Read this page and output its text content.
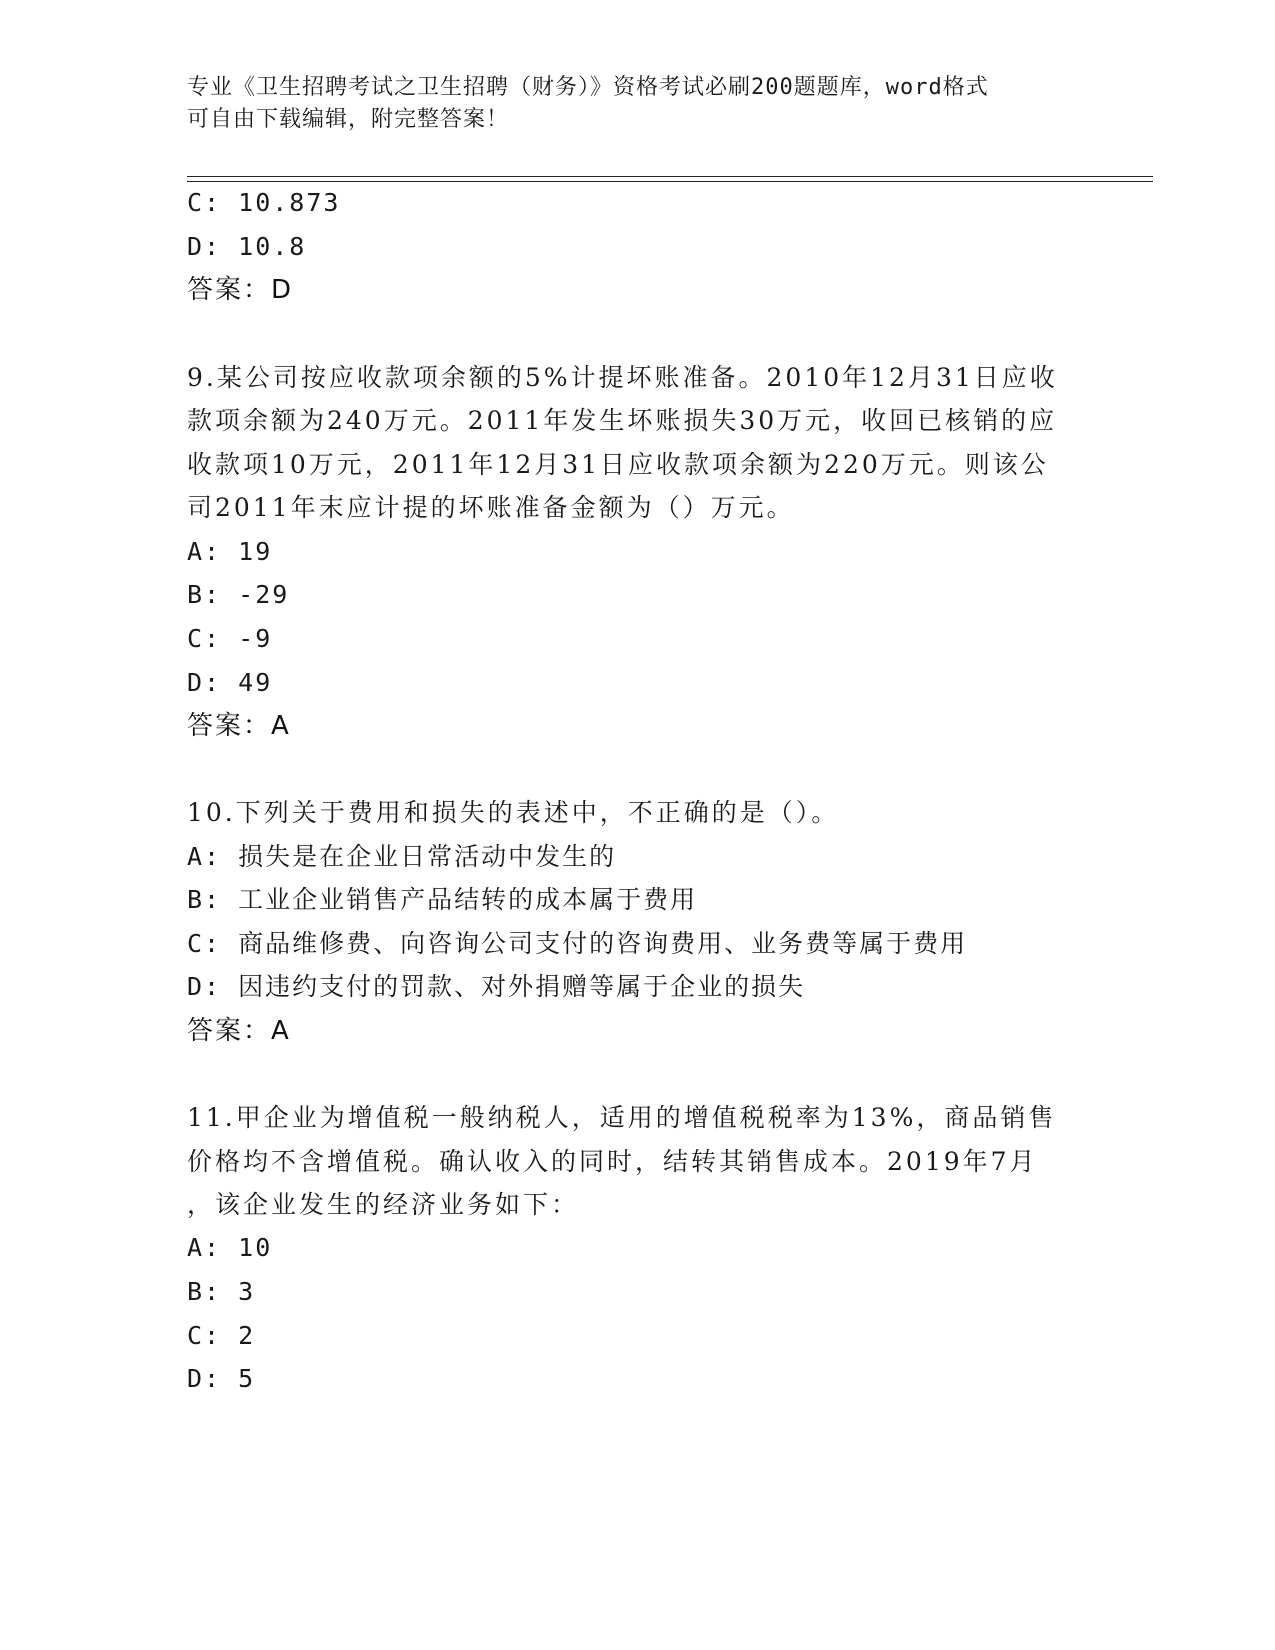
专业《卫生招聘考试之卫生招聘（财务）》资格考试必刷200题题库，word格式
可自由下载编辑，附完整答案！
C: 10.873
D: 10.8
答案：D
9.某公司按应收款项余额的5%计提坏账准备。2010年12月31日应收
款项余额为240万元。2011年发生坏账损失30万元，收回已核销的应
收款项10万元，2011年12月31日应收款项余额为220万元。则该公
司2011年末应计提的坏账准备金额为（）万元。
A: 19
B: -29
C: -9
D: 49
答案：A
10.下列关于费用和损失的表述中，不正确的是（）。
A: 损失是在企业日常活动中发生的
B: 工业企业销售产品结转的成本属于费用
C: 商品维修费、向咨询公司支付的咨询费用、业务费等属于费用
D: 因违约支付的罚款、对外捐赠等属于企业的损失
答案：A
11.甲企业为增值税一般纳税人，适用的增值税税率为13%，商品销售
价格均不含增值税。确认收入的同时，结转其销售成本。2019年7月
，该企业发生的经济业务如下：
A: 10
B: 3
C: 2
D: 5
